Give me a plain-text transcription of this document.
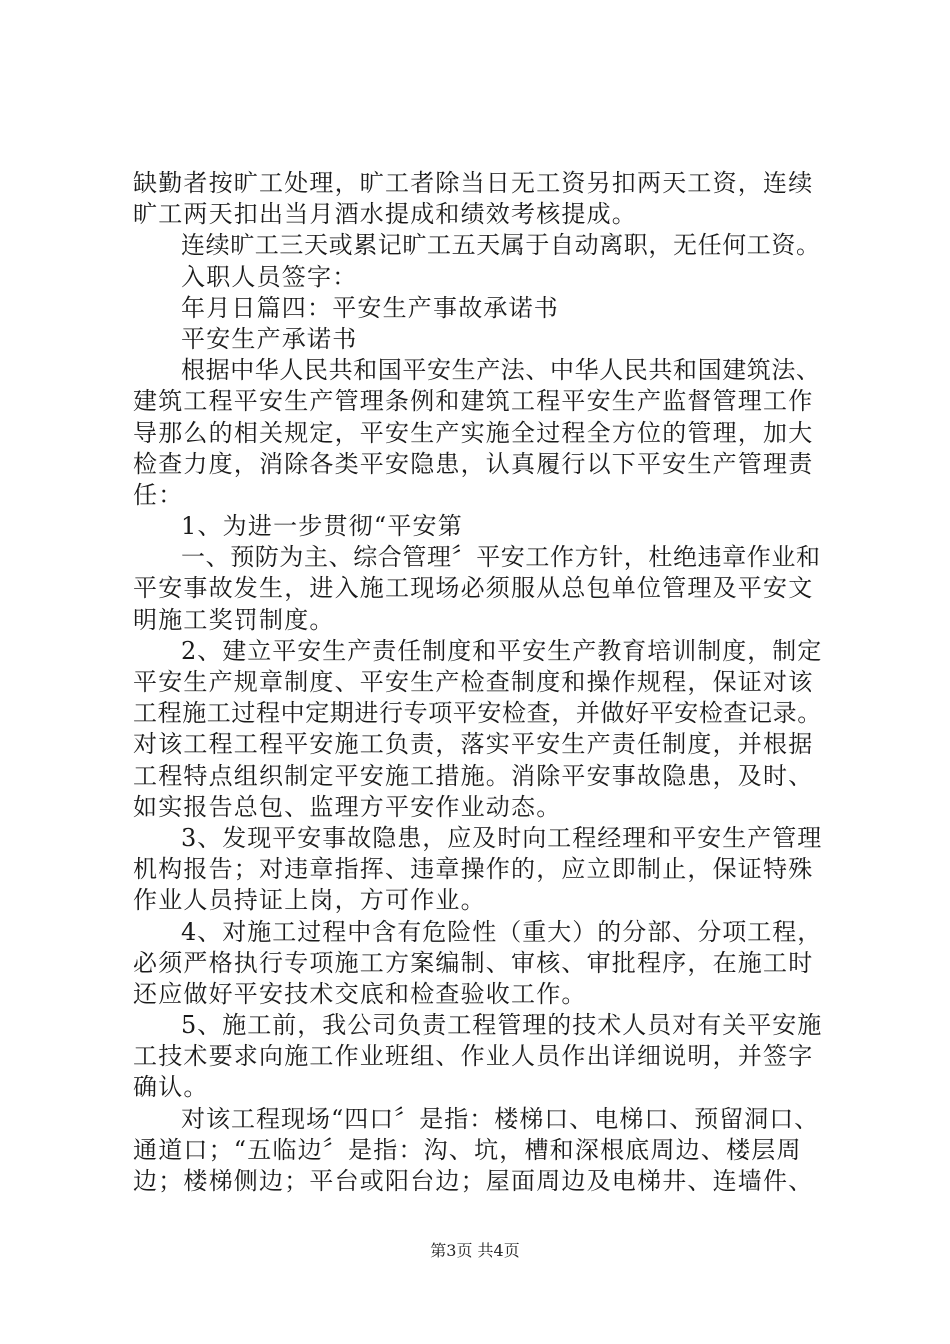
缺勤者按旷工处理，旷工者除当日无工资另扣两天工资，连续
旷工两天扣出当月酒水提成和绩效考核提成。
连续旷工三天或累记旷工五天属于自动离职，无任何工资。
入职人员签字：
年月日篇四：平安生产事故承诺书
平安生产承诺书
根据中华人民共和国平安生产法、中华人民共和国建筑法、
建筑工程平安生产管理条例和建筑工程平安生产监督管理工作
导那么的相关规定，平安生产实施全过程全方位的管理，加大
检查力度，消除各类平安隐患，认真履行以下平安生产管理责
任：
1、为进一步贯彻“平安第
一、预防为主、综合管理〞平安工作方针，杜绝违章作业和
平安事故发生，进入施工现场必须服从总包单位管理及平安文
明施工奖罚制度。
2、建立平安生产责任制度和平安生产教育培训制度，制定
平安生产规章制度、平安生产检查制度和操作规程，保证对该
工程施工过程中定期进行专项平安检查，并做好平安检查记录。
对该工程工程平安施工负责，落实平安生产责任制度，并根据
工程特点组织制定平安施工措施。消除平安事故隐患，及时、
如实报告总包、监理方平安作业动态。
3、发现平安事故隐患，应及时向工程经理和平安生产管理
机构报告；对违章指挥、违章操作的，应立即制止，保证特殊
作业人员持证上岗，方可作业。
4、对施工过程中含有危险性（重大）的分部、分项工程，
必须严格执行专项施工方案编制、审核、审批程序，在施工时
还应做好平安技术交底和检查验收工作。
5、施工前，我公司负责工程管理的技术人员对有关平安施
工技术要求向施工作业班组、作业人员作出详细说明，并签字
确认。
对该工程现场“四口〞是指：楼梯口、电梯口、预留洞口、
通道口；“五临边〞是指：沟、坑，槽和深根底周边、楼层周
边；楼梯侧边；平台或阳台边；屋面周边及电梯井、连墙件、
第3页 共4页
